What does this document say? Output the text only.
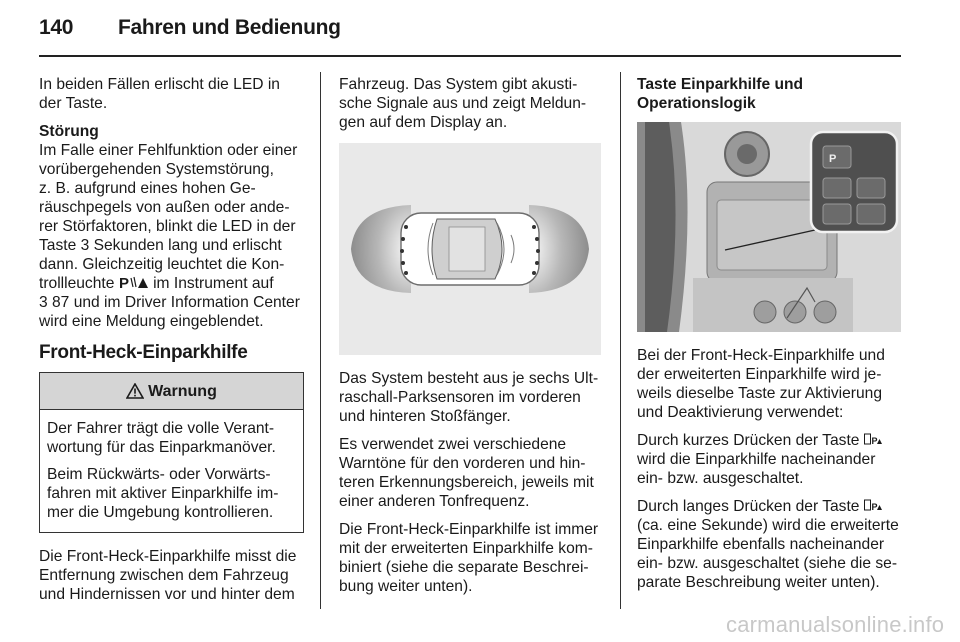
140 Fahren und Bedienung

In beiden Fällen erlischt die LED in
der Taste.

Störung
Im Falle einer Fehlfunktion oder einer
vorübergehenden Systemstörung,
z. B. aufgrund eines hohen Ge-
räuschpegels von außen oder ande-
rer Störfaktoren, blinkt die LED in der
Taste 3 Sekunden lang und erlischt
dann. Gleichzeitig leuchtet die Kon-
trollleuchte P im Instrument auf
3 87 und im Driver Information Center
wird eine Meldung eingeblendet.

Front-Heck-Einparkhilfe
Warnung

Der Fahrer trägt die volle Verant-
wortung für das Einparkmanöver.

Beim Rückwärts- oder Vorwärts-
fahren mit aktiver Einparkhilfe im-
mer die Umgebung kontrollieren.

Die Front-Heck-Einparkhilfe misst die
Entfernung zwischen dem Fahrzeug
und Hindernissen vor und hinter dem

Fahrzeug. Das System gibt akusti-
sche Signale aus und zeigt Meldun-
gen auf dem Display an.

Das System besteht aus je sechs Ult-
raschall-Parksensoren im vorderen
und hinteren Stoßfänger.

Es verwendet zwei verschiedene
Warntöne für den vorderen und hin-
teren Erkennungsbereich, jeweils mit
einer anderen Tonfrequenz.

Die Front-Heck-Einparkhilfe ist immer
mit der erweiterten Einparkhilfe kom-
biniert (siehe die separate Beschrei-
bung weiter unten).

Taste Einparkhilfe und
Operationslogik

P

Bei der Front-Heck-Einparkhilfe und
der erweiterten Einparkhilfe wird je-
weils dieselbe Taste zur Aktivierung
und Deaktivierung verwendet:

Durch kurzes Drücken der Taste P
wird die Einparkhilfe nacheinander
ein- bzw. ausgeschaltet.

Durch langes Drücken der Taste P
(ca. eine Sekunde) wird die erweiterte
Einparkhilfe ebenfalls nacheinander
ein- bzw. ausgeschaltet (siehe die se-
parate Beschreibung weiter unten).

carmanualsonline.info
